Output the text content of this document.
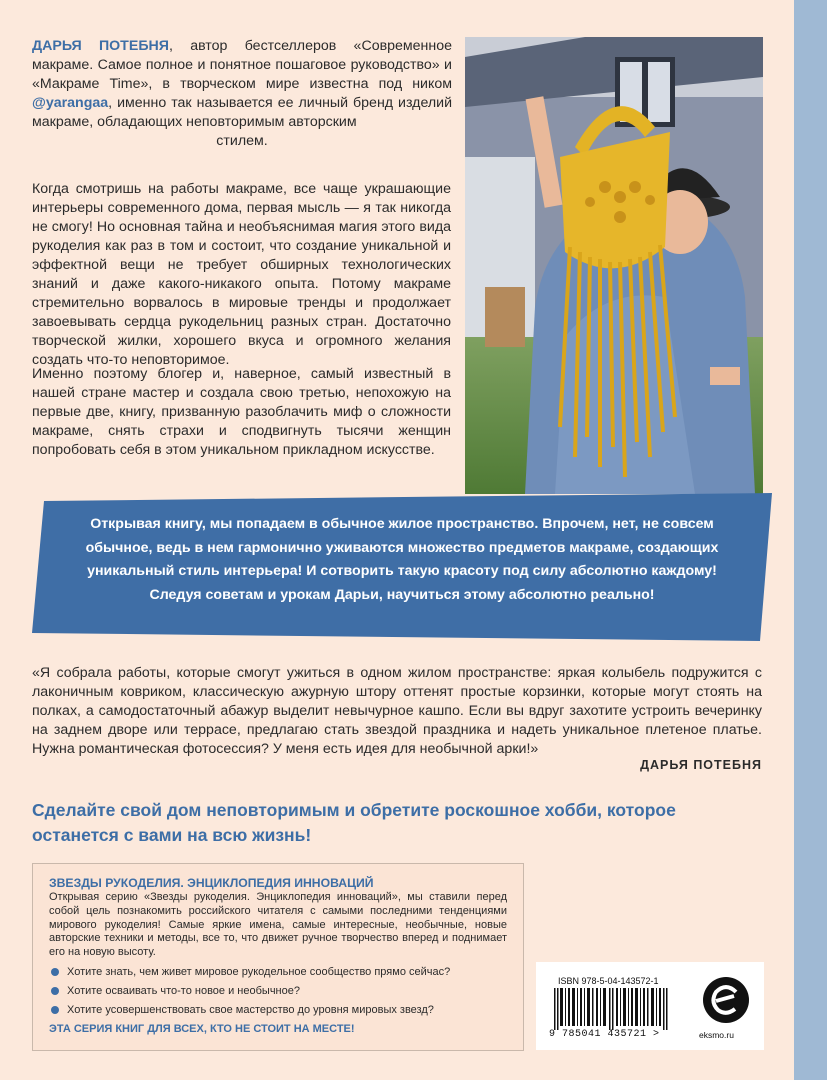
ДАРЬЯ ПОТЕБНЯ, автор бестселлеров «Современное макраме. Самое полное и понятное пошаговое руководство» и «Макраме Time», в творческом мире известна под ником @yarangaa, именно так называется ее личный бренд изделий макраме, обладающих неповторимым авторским
стилем.
Когда смотришь на работы макраме, все чаще украшающие интерьеры современного дома, первая мысль — я так никогда не смогу! Но основная тайна и необъяснимая магия этого вида рукоделия как раз в том и состоит, что создание уникальной и эффектной вещи не требует обширных технологических знаний и даже какого-никакого опыта. Потому макраме стремительно ворвалось в мировые тренды и продолжает завоевывать сердца рукодельниц разных стран. Достаточно творческой жилки, хорошего вкуса и огромного желания создать что-то неповторимое.
Именно поэтому блогер и, наверное, самый известный в нашей стране мастер и создала свою третью, непохожую на первые две, книгу, призванную разоблачить миф о сложности макраме, снять страхи и сподвигнуть тысячи женщин попробовать себя в этом уникальном прикладном искусстве.
Открывая книгу, мы попадаем в обычное жилое пространство. Впрочем, нет, не совсем обычное, ведь в нем гармонично уживаются множество предметов макраме, создающих уникальный стиль интерьера! И сотворить такую красоту под силу абсолютно каждому! Следуя советам и урокам Дарьи, научиться этому абсолютно реально!
«Я собрала работы, которые смогут ужиться в одном жилом пространстве: яркая колыбель подружится с лаконичным ковриком, классическую ажурную штору оттенят простые корзинки, которые могут стоять на полках, а самодостаточный абажур выделит невычурное кашпо. Если вы вдруг захотите устроить вечеринку на заднем дворе или террасе, предлагаю стать звездой праздника и надеть уникальное плетеное платье. Нужна романтическая фотосессия? У меня есть идея для необычной арки!»
ДАРЬЯ ПОТЕБНЯ
Сделайте свой дом неповторимым и обретите роскошное хобби, которое останется с вами на всю жизнь!
ЗВЕЗДЫ РУКОДЕЛИЯ. ЭНЦИКЛОПЕДИЯ ИННОВАЦИЙ
Открывая серию «Звезды рукоделия. Энциклопедия инноваций», мы ставили перед собой цель познакомить российского читателя с самыми последними тенденциями мирового рукоделия! Самые яркие имена, самые интересные, необычные, новые авторские техники и методы, все то, что движет ручное творчество вперед и поднимает его на новую высоту.
Хотите знать, чем живет мировое рукодельное сообщество прямо сейчас?
Хотите осваивать что-то новое и необычное?
Хотите усовершенствовать свое мастерство до уровня мировых звезд?
ЭТА СЕРИЯ КНИГ ДЛЯ ВСЕХ, КТО НЕ СТОИТ НА МЕСТЕ!
ISBN 978-5-04-143572-1
9 785041 435721 >	eksmo.ru
